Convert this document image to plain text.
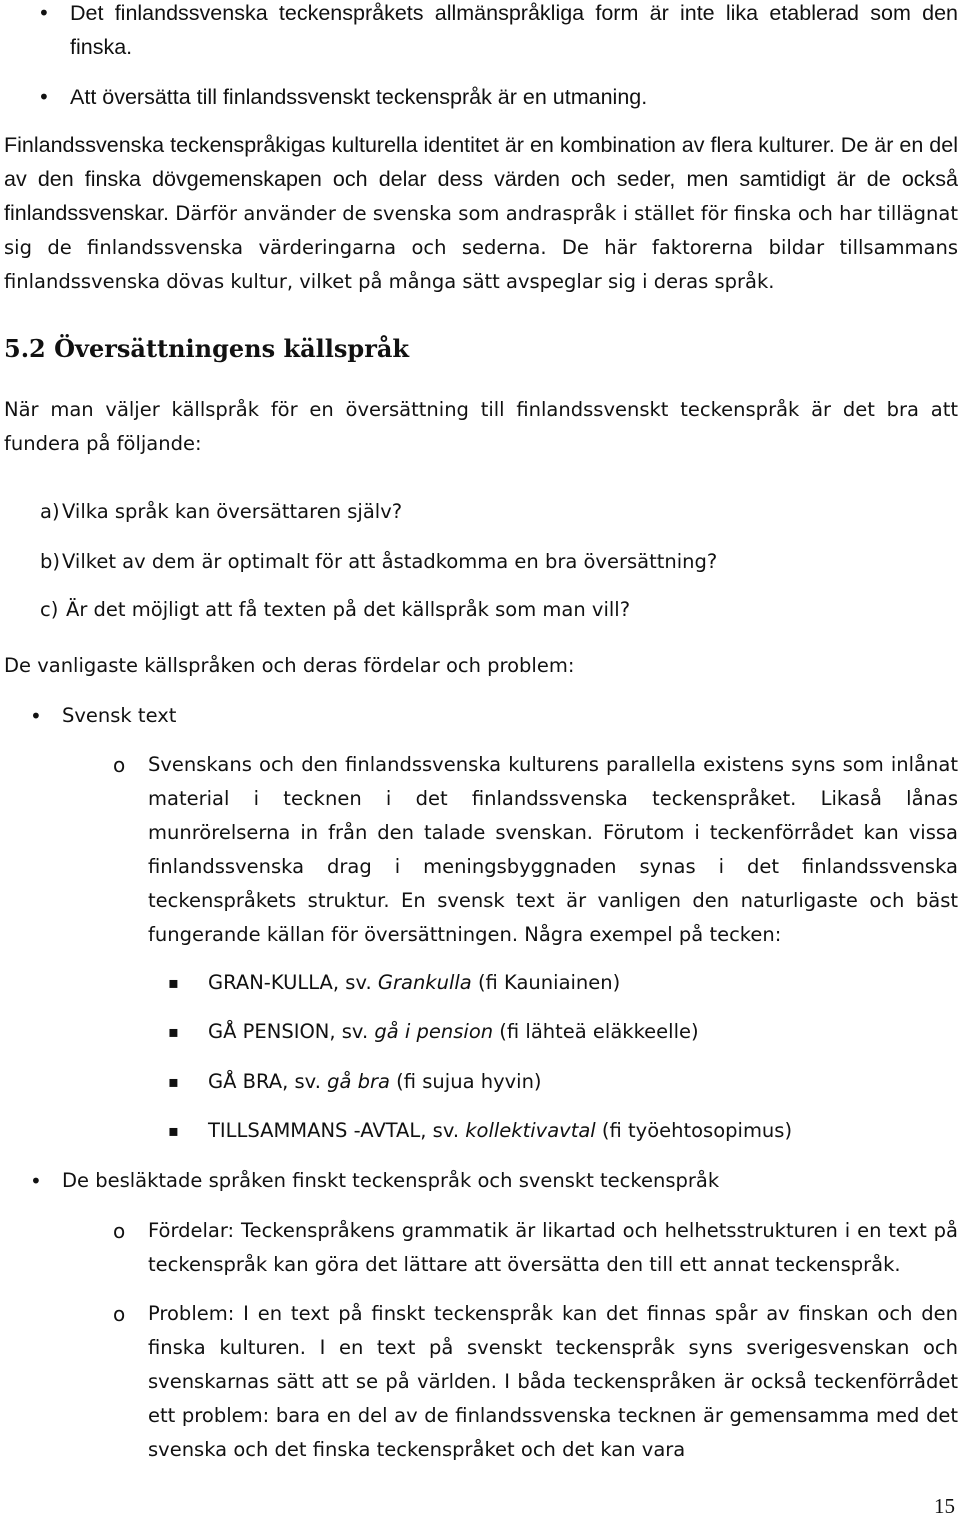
• Det finlandssvenska teckenspråkets allmänspråkliga form är inte lika etablerad som den finska.
• Att översätta till finlandssvenskt teckenspråk är en utmaning.
Finlandssvenska teckenspråkigas kulturella identitet är en kombination av flera kulturer. De är en del av den finska dövgemenskapen och delar dess värden och seder, men samtidigt är de också finlandssvenskar. Därför använder de svenska som andraspråk i stället för finska och har tillägnat sig de finlandssvenska värderingarna och sederna. De här faktorerna bildar tillsammans finlandssvenska dövas kultur, vilket på många sätt avspeglar sig i deras språk.
5.2 Översättningens källspråk
När man väljer källspråk för en översättning till finlandssvenskt teckenspråk är det bra att fundera på följande:
a) Vilka språk kan översättaren själv?
b) Vilket av dem är optimalt för att åstadkomma en bra översättning?
c) Är det möjligt att få texten på det källspråk som man vill?
De vanligaste källspråken och deras fördelar och problem:
• Svensk text
o Svenskans och den finlandssvenska kulturens parallella existens syns som inlånat material i tecknen i det finlandssvenska teckenspråket. Likaså lånas munrörelserna in från den talade svenskan. Förutom i teckenförrådet kan vissa finlandssvenska drag i meningsbyggnaden synas i det finlandssvenska teckenspråkets struktur. En svensk text är vanligen den naturligaste och bäst fungerande källan för översättningen. Några exempel på tecken:
▪ GRAN-KULLA, sv. Grankulla (fi Kauniainen)
▪ GÅ PENSION, sv. gå i pension (fi lähteä eläkkeelle)
▪ GÅ BRA, sv. gå bra (fi sujua hyvin)
▪ TILLSAMMANS -AVTAL, sv. kollektivavtal (fi työehtosopimus)
• De besläktade språken finskt teckenspråk och svenskt teckenspråk
o Fördelar: Teckenspråkens grammatik är likartad och helhetsstrukturen i en text på teckenspråk kan göra det lättare att översätta den till ett annat teckenspråk.
o Problem: I en text på finskt teckenspråk kan det finnas spår av finskan och den finska kulturen. I en text på svenskt teckenspråk syns sverigesvenskan och svenskarnas sätt att se på världen. I båda teckenspråken är också teckenförrådet ett problem: bara en del av de finlandssvenska tecknen är gemensamma med det svenska och det finska teckenspråket och det kan vara
15
